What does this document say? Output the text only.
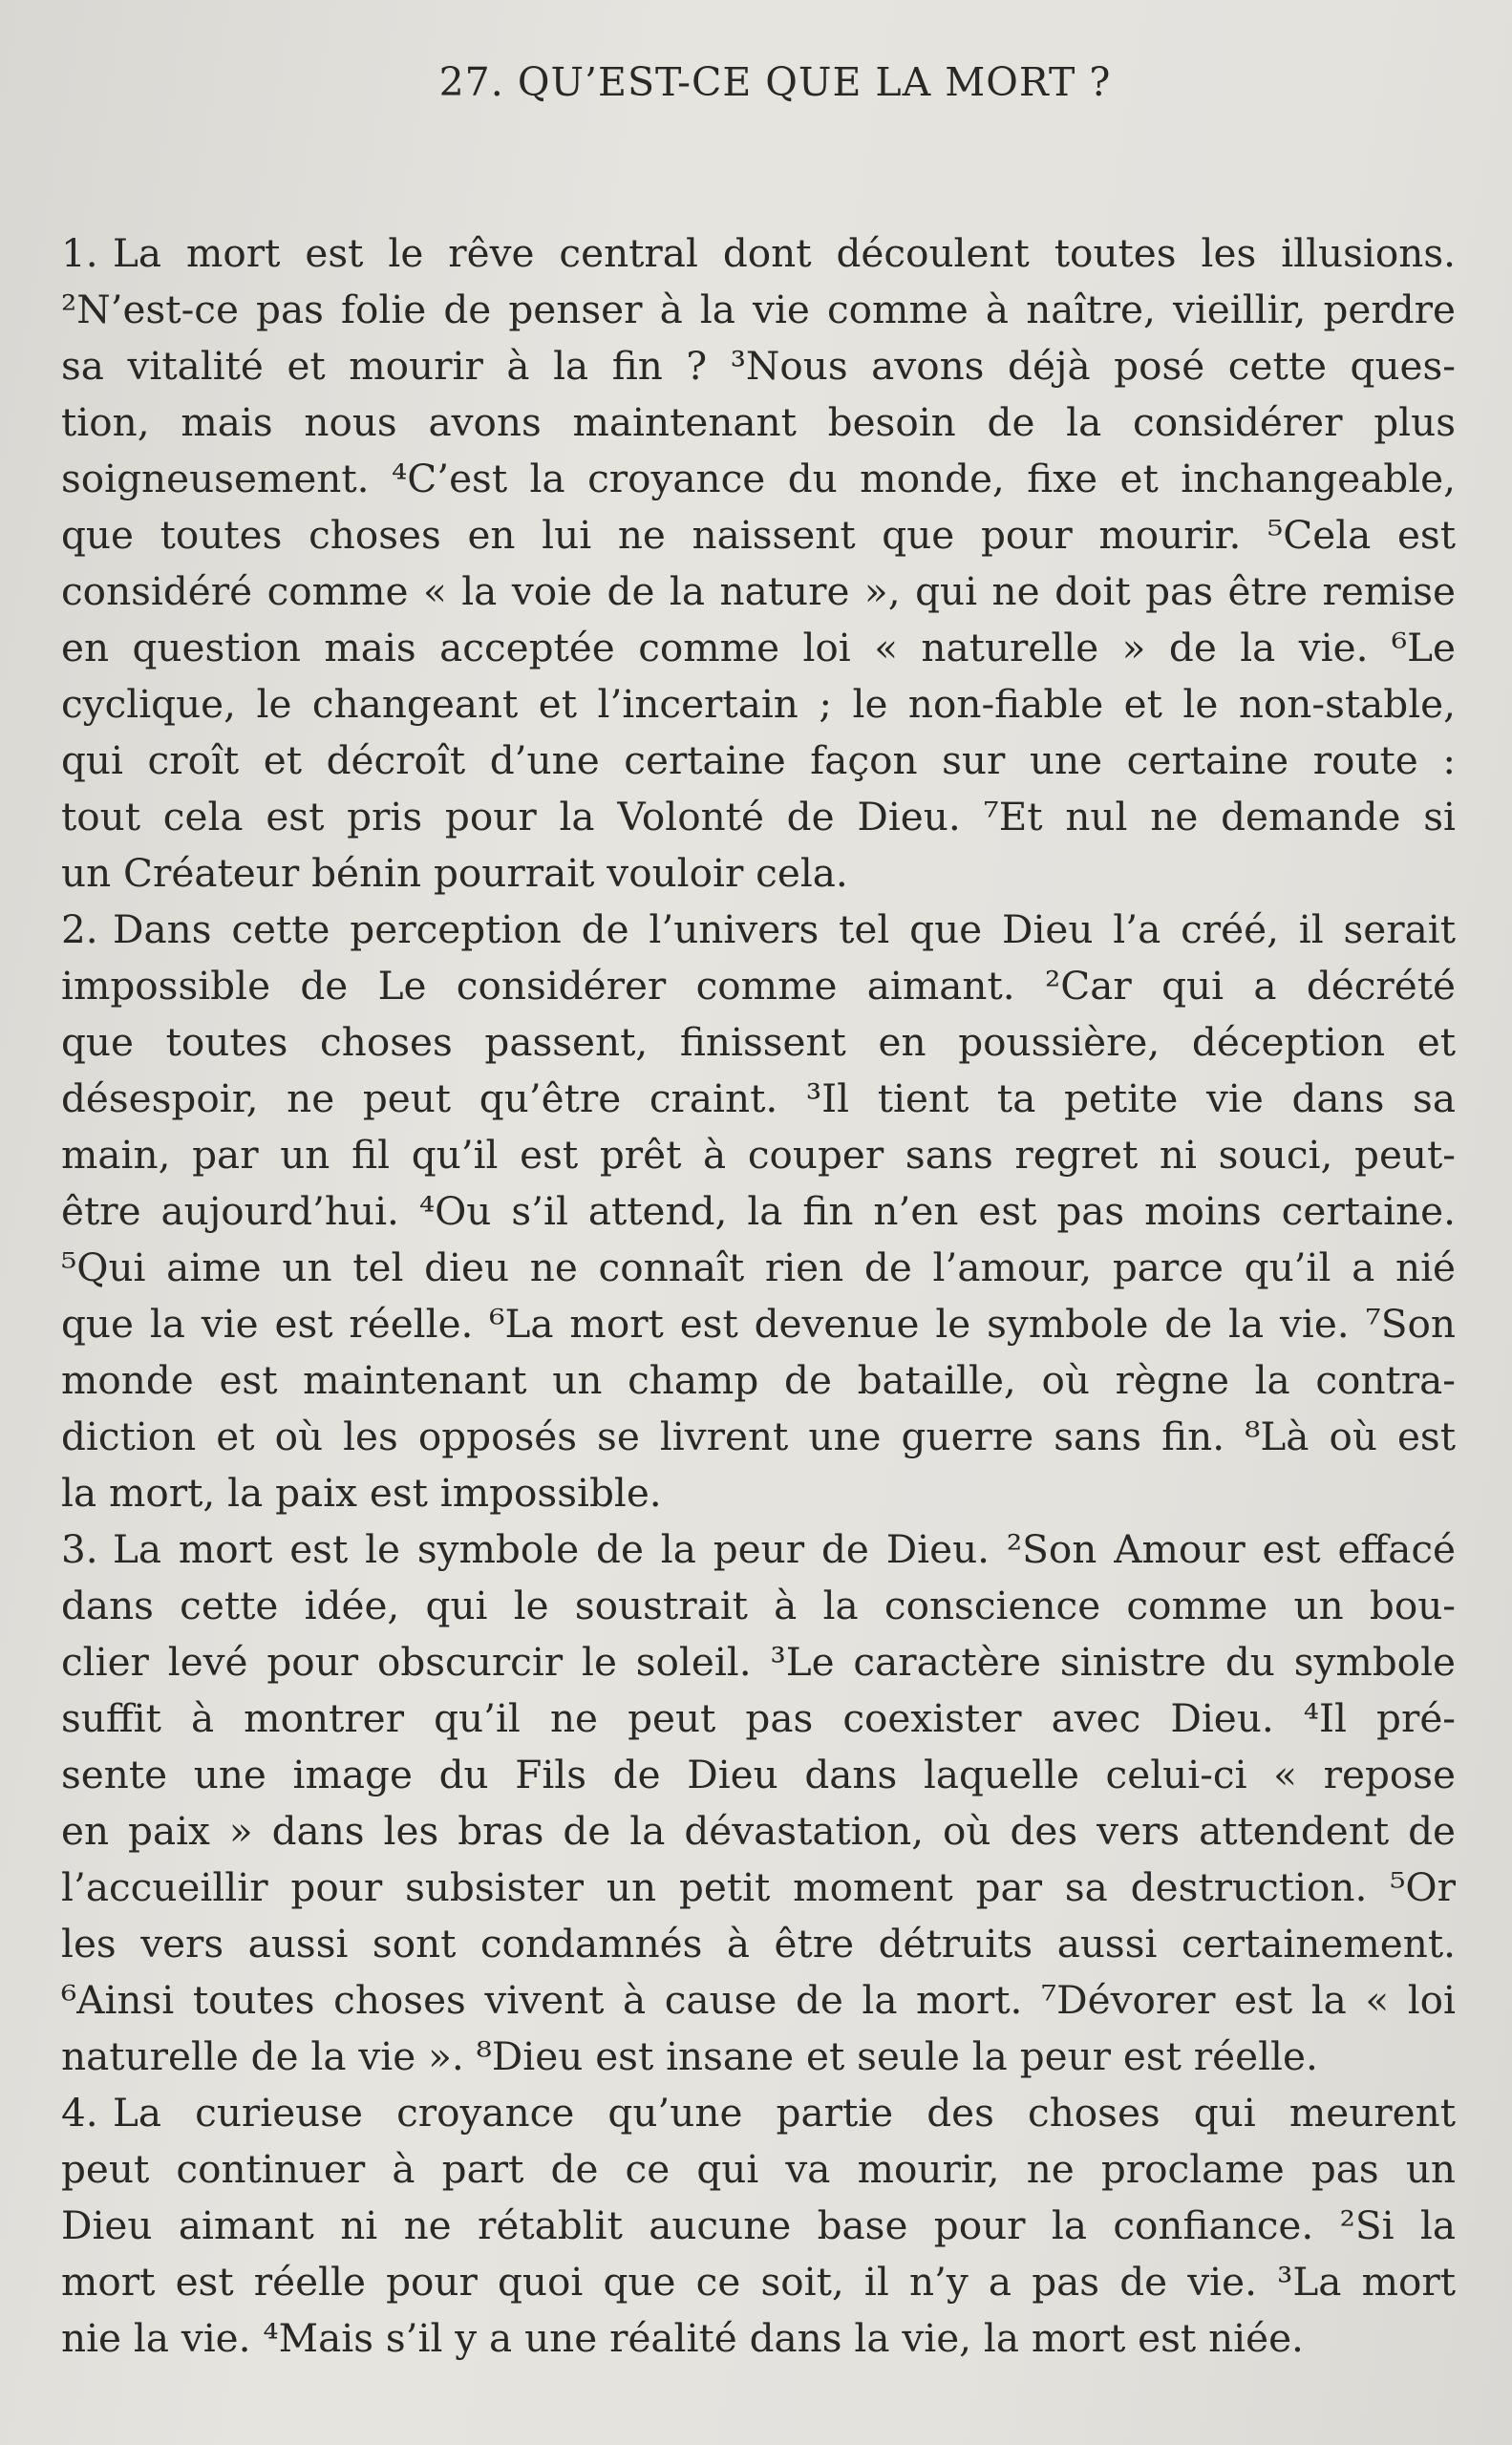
27. QU’EST-CE QUE LA MORT ?
1. La mort est le rêve central dont découlent toutes les illusions.
²N’est-ce pas folie de penser à la vie comme à naître, vieillir, perdre
sa vitalité et mourir à la fin ? ³Nous avons déjà posé cette ques-
tion, mais nous avons maintenant besoin de la considérer plus
soigneusement. ⁴C’est la croyance du monde, fixe et inchangeable,
que toutes choses en lui ne naissent que pour mourir. ⁵Cela est
considéré comme « la voie de la nature », qui ne doit pas être remise
en question mais acceptée comme loi « naturelle » de la vie. ⁶Le
cyclique, le changeant et l’incertain ; le non-fiable et le non-stable,
qui croît et décroît d’une certaine façon sur une certaine route :
tout cela est pris pour la Volonté de Dieu. ⁷Et nul ne demande si
un Créateur bénin pourrait vouloir cela.
2. Dans cette perception de l’univers tel que Dieu l’a créé, il serait
impossible de Le considérer comme aimant. ²Car qui a décrété
que toutes choses passent, finissent en poussière, déception et
désespoir, ne peut qu’être craint. ³Il tient ta petite vie dans sa
main, par un fil qu’il est prêt à couper sans regret ni souci, peut-
être aujourd’hui. ⁴Ou s’il attend, la fin n’en est pas moins certaine.
⁵Qui aime un tel dieu ne connaît rien de l’amour, parce qu’il a nié
que la vie est réelle. ⁶La mort est devenue le symbole de la vie. ⁷Son
monde est maintenant un champ de bataille, où règne la contra-
diction et où les opposés se livrent une guerre sans fin. ⁸Là où est
la mort, la paix est impossible.
3. La mort est le symbole de la peur de Dieu. ²Son Amour est effacé
dans cette idée, qui le soustrait à la conscience comme un bou-
clier levé pour obscurcir le soleil. ³Le caractère sinistre du symbole
suffit à montrer qu’il ne peut pas coexister avec Dieu. ⁴Il pré-
sente une image du Fils de Dieu dans laquelle celui-ci « repose
en paix » dans les bras de la dévastation, où des vers attendent de
l’accueillir pour subsister un petit moment par sa destruction. ⁵Or
les vers aussi sont condamnés à être détruits aussi certainement.
⁶Ainsi toutes choses vivent à cause de la mort. ⁷Dévorer est la « loi
naturelle de la vie ». ⁸Dieu est insane et seule la peur est réelle.
4. La curieuse croyance qu’une partie des choses qui meurent
peut continuer à part de ce qui va mourir, ne proclame pas un
Dieu aimant ni ne rétablit aucune base pour la confiance. ²Si la
mort est réelle pour quoi que ce soit, il n’y a pas de vie. ³La mort
nie la vie. ⁴Mais s’il y a une réalité dans la vie, la mort est niée.
